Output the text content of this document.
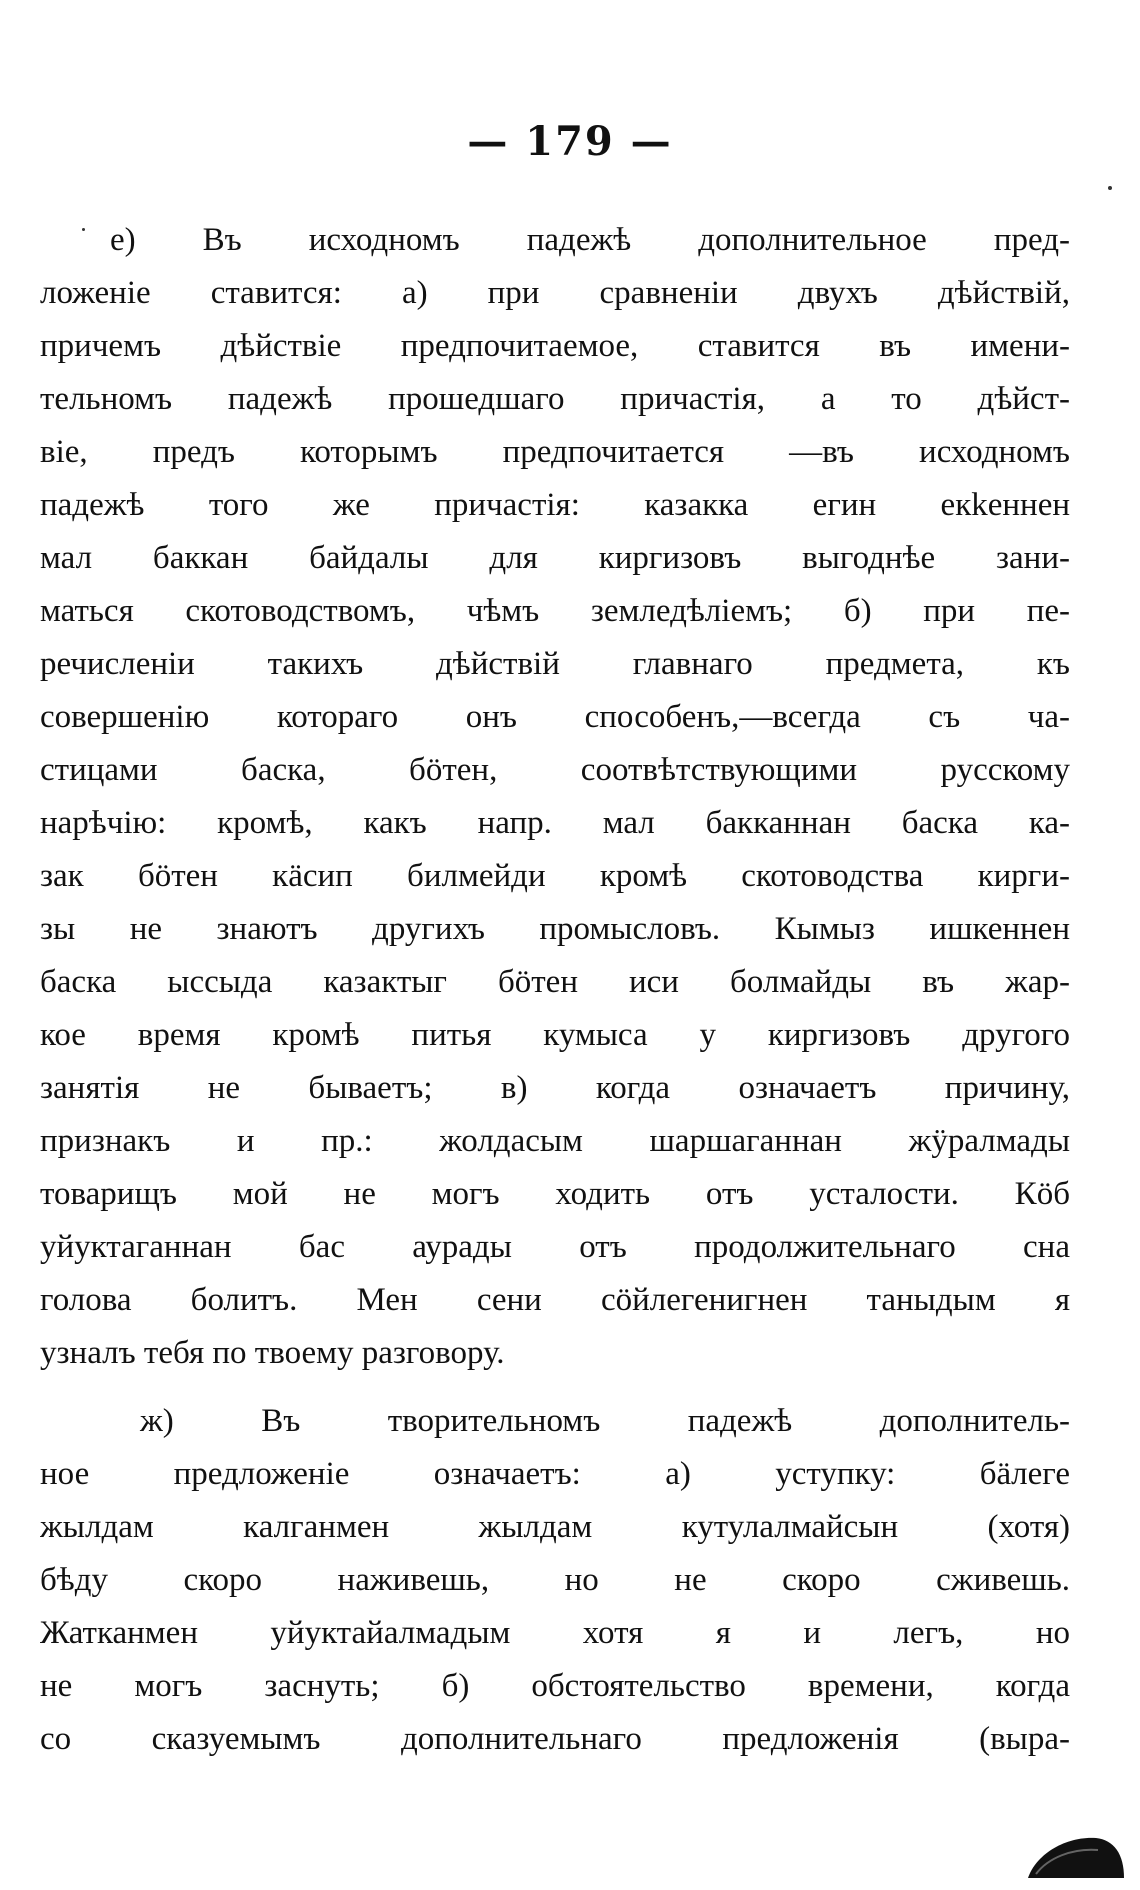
— 179 —
е) Въ исходномъ падежѣ дополнительное пред-
ложеніе ставится: а) при сравненіи двухъ дѣйствій,
причемъ дѣйствіе предпочитаемое, ставится въ имени-
тельномъ падежѣ прошедшаго причастія, а то дѣйст-
віе, предъ которымъ предпочитается —въ исходномъ
падежѣ того же причастія: казакка егин екkеннен
мал баккан байдалы для киргизовъ выгоднѣе зани-
маться скотоводствомъ, чѣмъ земледѣліемъ; б) при пе-
речисленіи такихъ дѣйствій главнаго предмета, къ
совершенію котораго онъ способенъ,—всегда съ ча-
стицами баска, бöтен, соотвѣтствующими русскому
нарѣчію: кромѣ, какъ напр. мал бакканнан баска ка-
зак бöтен кäсип билмейди кромѣ скотоводства кирги-
зы не знаютъ другихъ промысловъ. Кымыз ишкеннен
баска ыссыда казактыг бöтен иси болмайды въ жар-
кое время кромѣ питья кумыса у киргизовъ другого
занятія не бываетъ; в) когда означаетъ причину,
признакъ и пр.: жолдасым шаршаганнан жÿралмады
товарищъ мой не могъ ходить отъ усталости. Кöб
уйуктаганнан бас аурады отъ продолжительнаго сна
голова болитъ. Мен сени сöйлегенигнен таныдым я
узналъ тебя по твоему разговору.
ж) Въ творительномъ падежѣ дополнитель-
ное предложеніе означаетъ: а) уступку: бäлеге
жылдам калганмен жылдам кутулалмайсын (хотя)
бѣду скоро наживешь, но не скоро сживешь.
Жатканмен уйуктайалмадым хотя я и легъ, но
не могъ заснуть; б) обстоятельство времени, когда
со сказуемымъ дополнительнаго предложенія (выра-
